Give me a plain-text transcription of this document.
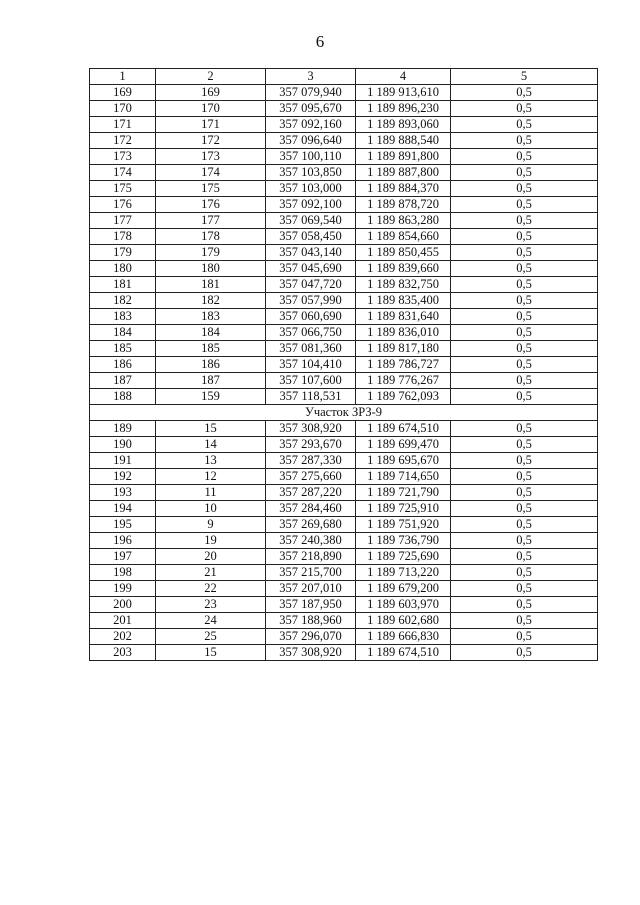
6
1	2	3	4	5
169	169	357 079,940	1 189 913,610	0,5
170	170	357 095,670	1 189 896,230	0,5
171	171	357 092,160	1 189 893,060	0,5
172	172	357 096,640	1 189 888,540	0,5
173	173	357 100,110	1 189 891,800	0,5
174	174	357 103,850	1 189 887,800	0,5
175	175	357 103,000	1 189 884,370	0,5
176	176	357 092,100	1 189 878,720	0,5
177	177	357 069,540	1 189 863,280	0,5
178	178	357 058,450	1 189 854,660	0,5
179	179	357 043,140	1 189 850,455	0,5
180	180	357 045,690	1 189 839,660	0,5
181	181	357 047,720	1 189 832,750	0,5
182	182	357 057,990	1 189 835,400	0,5
183	183	357 060,690	1 189 831,640	0,5
184	184	357 066,750	1 189 836,010	0,5
185	185	357 081,360	1 189 817,180	0,5
186	186	357 104,410	1 189 786,727	0,5
187	187	357 107,600	1 189 776,267	0,5
188	159	357 118,531	1 189 762,093	0,5
Участок ЗРЗ-9				
189	15	357 308,920	1 189 674,510	0,5
190	14	357 293,670	1 189 699,470	0,5
191	13	357 287,330	1 189 695,670	0,5
192	12	357 275,660	1 189 714,650	0,5
193	11	357 287,220	1 189 721,790	0,5
194	10	357 284,460	1 189 725,910	0,5
195	9	357 269,680	1 189 751,920	0,5
196	19	357 240,380	1 189 736,790	0,5
197	20	357 218,890	1 189 725,690	0,5
198	21	357 215,700	1 189 713,220	0,5
199	22	357 207,010	1 189 679,200	0,5
200	23	357 187,950	1 189 603,970	0,5
201	24	357 188,960	1 189 602,680	0,5
202	25	357 296,070	1 189 666,830	0,5
203	15	357 308,920	1 189 674,510	0,5
